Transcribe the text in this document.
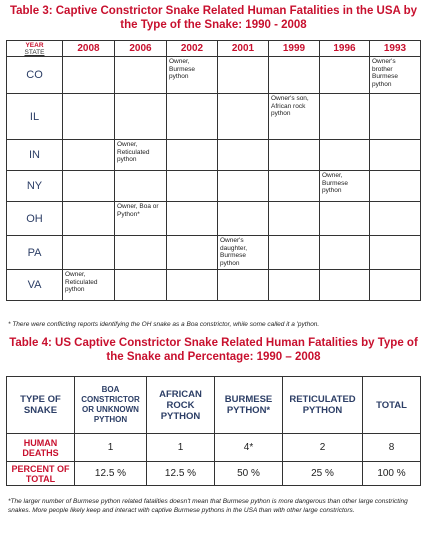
Table 3: Captive Constrictor Snake Related Human Fatalities in the USA by the Type of the Snake: 1990 - 2008
YEAR
STATE	2008	2006	2002	2001	1999	1996	1993
CO			Owner, Burmese python				Owner's brother Burmese python
IL					Owner's son, African rock python		
IN		Owner, Reticulated python					
NY						Owner, Burmese python	
OH		Owner, Boa or Python*					
PA				Owner's daughter, Burmese python			
VA	Owner, Reticulated python						
* There were conflicting reports identifying the OH snake as a Boa constrictor, while some called it a 'python.
Table 4: US Captive Constrictor Snake Related Human Fatalities by Type of the Snake and Percentage: 1990 – 2008
TYPE OF SNAKE	BOA CONSTRICTOR OR UNKNOWN PYTHON	AFRICAN ROCK PYTHON	BURMESE PYTHON*	RETICULATED PYTHON	TOTAL
HUMAN DEATHS	1	1	4*	2	8
PERCENT OF TOTAL	12.5 %	12.5 %	50 %	25 %	100 %
*The larger number of Burmese python related fatalities doesn't mean that Burmese python is more dangerous than other large constricting snakes. More people likely keep and interact with captive Burmese pythons in the USA than with other large constrictors.
